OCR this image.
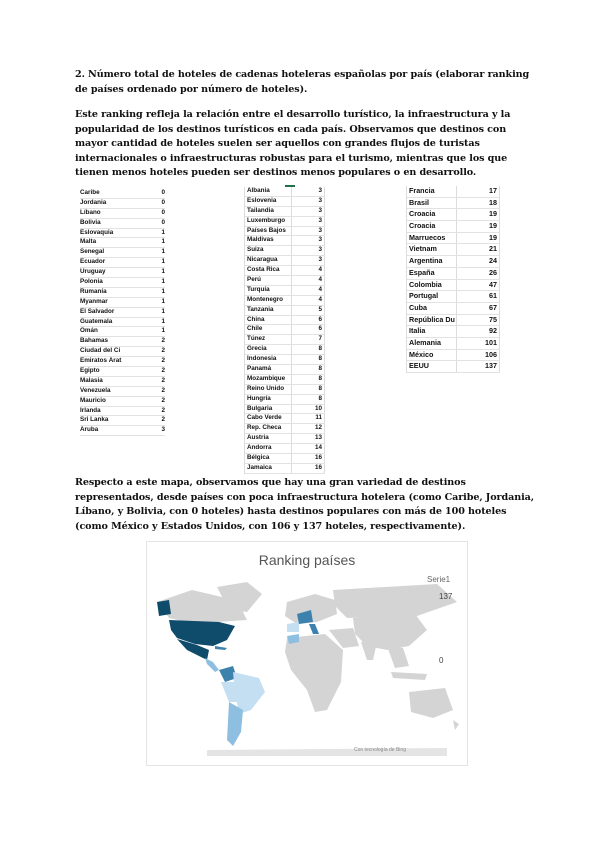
2. Número total de hoteles de cadenas hoteleras españolas por país (elaborar ranking de países ordenado por número de hoteles).
Este ranking refleja la relación entre el desarrollo turístico, la infraestructura y la popularidad de los destinos turísticos en cada país. Observamos que destinos con mayor cantidad de hoteles suelen ser aquellos con grandes flujos de turistas internacionales o infraestructuras robustas para el turismo, mientras que los que tienen menos hoteles pueden ser destinos menos populares o en desarrollo.
Caribe	0
Jordania	0
Líbano	0
Bolivia	0
Eslovaquia	1
Malta	1
Senegal	1
Ecuador	1
Uruguay	1
Polonia	1
Rumanía	1
Myanmar	1
El Salvador	1
Guatemala	1
Omán	1
Bahamas	2
Ciudad del Ci	2
Emiratos Árat	2
Egipto	2
Malasia	2
Venezuela	2
Mauricio	2
Irlanda	2
Sri Lanka	2
Aruba	3
Albania	3
Eslovenia	3
Tailandia	3
Luxemburgo	3
Países Bajos	3
Maldivas	3
Suiza	3
Nicaragua	3
Costa Rica	4
Perú	4
Turquía	4
Montenegro	4
Tanzania	5
China	6
Chile	6
Túnez	7
Grecia	8
Indonesia	8
Panamá	8
Mozambique	8
Reino Unido	8
Hungría	8
Bulgaria	10
Cabo Verde	11
Rep. Checa	12
Austria	13
Andorra	14
Bélgica	16
Jamaica	16
Francia	17
Brasil	18
Croacia	19
Croacia	19
Marruecos	19
Vietnam	21
Argentina	24
España	26
Colombia	47
Portugal	61
Cuba	67
República Du	75
Italia	92
Alemania	101
México	106
EEUU	137
Respecto a este mapa, observamos que hay una gran variedad de destinos representados, desde países con poca infraestructura hotelera (como Caribe, Jordania, Líbano, y Bolivia, con 0 hoteles) hasta destinos populares con más de 100 hoteles (como México y Estados Unidos, con 106 y 137 hoteles, respectivamente).
Ranking países
Serie1
137
0
Con tecnología de Bing
